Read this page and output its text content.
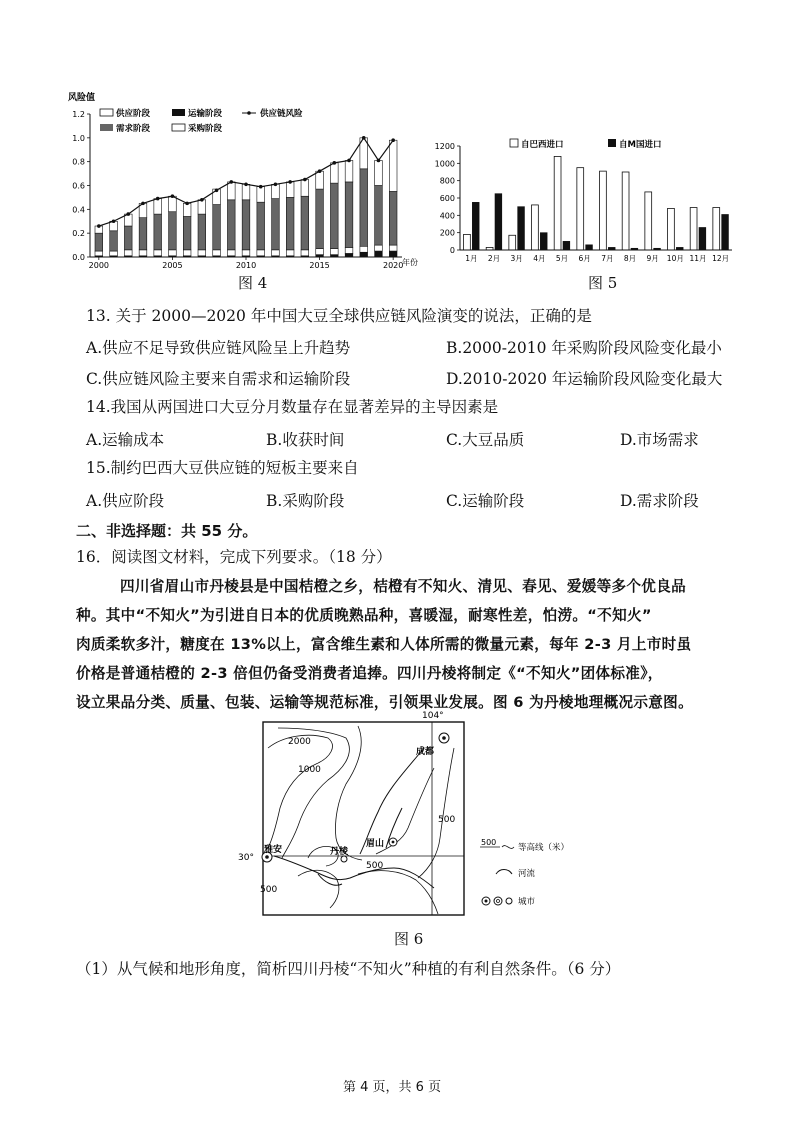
风险值
0.0
0.2
0.4
0.6
0.8
1.0
1.2
2000	2005	2010	2015	2020
年份
供应阶段	运输阶段	供应链风险
需求阶段	采购阶段
图 4
自巴西进口	自M国进口
0
200
400
600
800
1000
1200
1月 2月 3月 4月 5月 6月 7月 8月 9月 10月 11月 12月
图 5
13. 关于 2000—2020 年中国大豆全球供应链风险演变的说法，正确的是
A.供应不足导致供应链风险呈上升趋势	B.2000-2010 年采购阶段风险变化最小
C.供应链风险主要来自需求和运输阶段	D.2010-2020 年运输阶段风险变化最大
14.我国从两国进口大豆分月数量存在显著差异的主导因素是
A.运输成本	B.收获时间	C.大豆品质	D.市场需求
15.制约巴西大豆供应链的短板主要来自
A.供应阶段	B.采购阶段	C.运输阶段	D.需求阶段
二、非选择题：共 55 分。
16．阅读图文材料，完成下列要求。（18 分）
四川省眉山市丹棱县是中国桔橙之乡，桔橙有不知火、清见、春见、爱媛等多个优良品
种。其中“不知火”为引进自日本的优质晚熟品种，喜暖湿，耐寒性差，怕涝。“不知火”
肉质柔软多汁，糖度在 13%以上，富含维生素和人体所需的微量元素，每年 2-3 月上市时虽
价格是普通桔橙的 2-3 倍但仍备受消费者追捧。四川丹棱将制定《“不知火”团体标准》，
设立果品分类、质量、包装、运输等规范标准，引领果业发展。图 6 为丹棱地理概况示意图。
104°
30°
2000
1000
500
500
500
成都
雅安	丹棱
眉山	500
等高线（米）
河流
城市
图 6
（1）从气候和地形角度，简析四川丹棱“不知火”种植的有利自然条件。（6 分）
第 4 页，共 6 页
